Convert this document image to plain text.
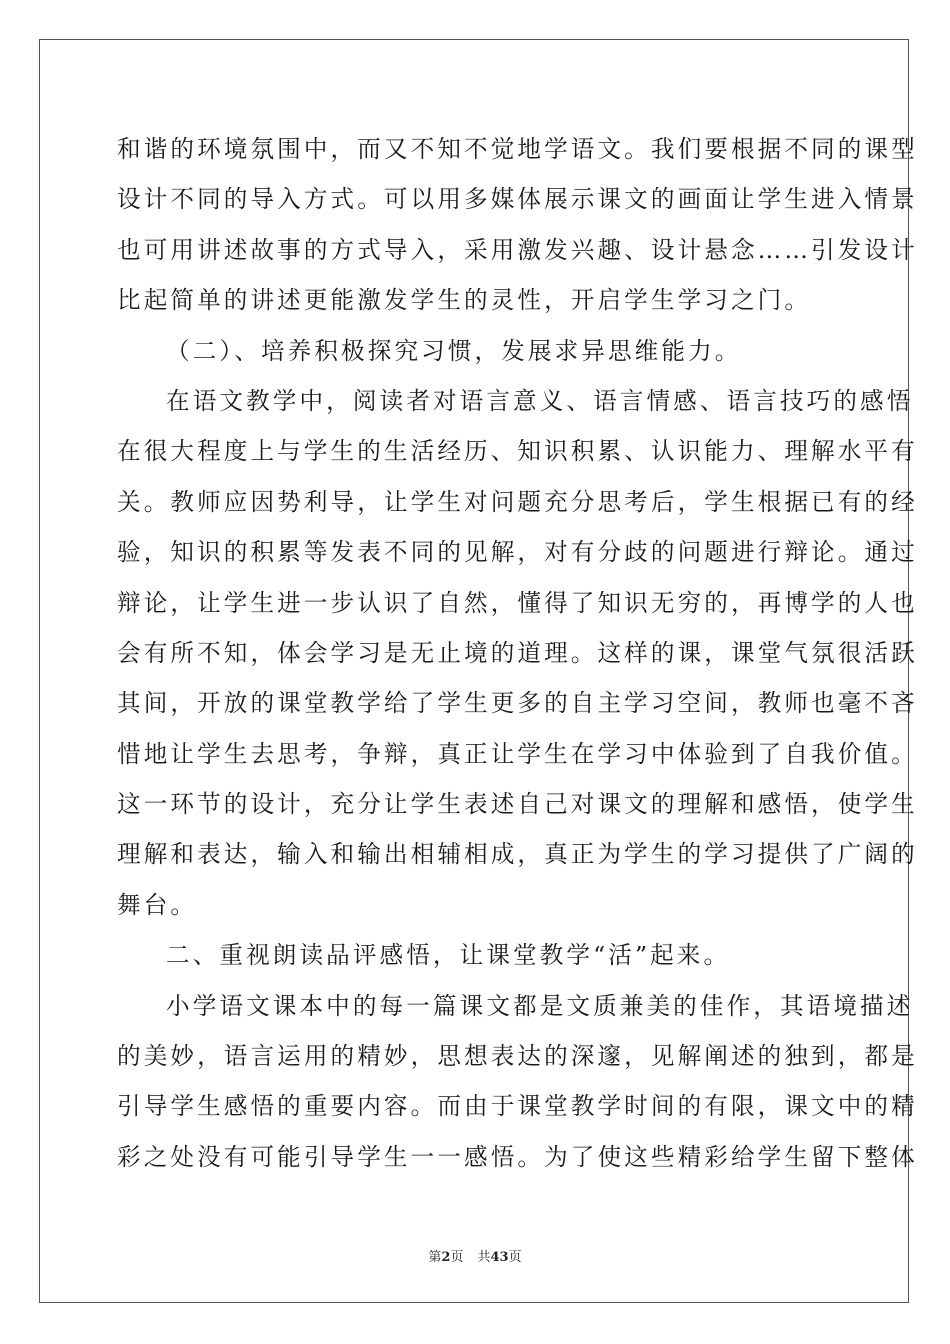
和谐的环境氛围中，而又不知不觉地学语文。我们要根据不同的课型
设计不同的导入方式。可以用多媒体展示课文的画面让学生进入情景
也可用讲述故事的方式导入，采用激发兴趣、设计悬念……引发设计
比起简单的讲述更能激发学生的灵性，开启学生学习之门。
（二）、培养积极探究习惯，发展求异思维能力。
在语文教学中，阅读者对语言意义、语言情感、语言技巧的感悟
在很大程度上与学生的生活经历、知识积累、认识能力、理解水平有
关。教师应因势利导，让学生对问题充分思考后，学生根据已有的经
验，知识的积累等发表不同的见解，对有分歧的问题进行辩论。通过
辩论，让学生进一步认识了自然，懂得了知识无穷的，再博学的人也
会有所不知，体会学习是无止境的道理。这样的课，课堂气氛很活跃
其间，开放的课堂教学给了学生更多的自主学习空间，教师也毫不吝
惜地让学生去思考，争辩，真正让学生在学习中体验到了自我价值。
这一环节的设计，充分让学生表述自己对课文的理解和感悟，使学生
理解和表达，输入和输出相辅相成，真正为学生的学习提供了广阔的
舞台。
二、重视朗读品评感悟，让课堂教学“活”起来。
小学语文课本中的每一篇课文都是文质兼美的佳作，其语境描述
的美妙，语言运用的精妙，思想表达的深邃，见解阐述的独到，都是
引导学生感悟的重要内容。而由于课堂教学时间的有限，课文中的精
彩之处没有可能引导学生一一感悟。为了使这些精彩给学生留下整体
第2页 共43页
